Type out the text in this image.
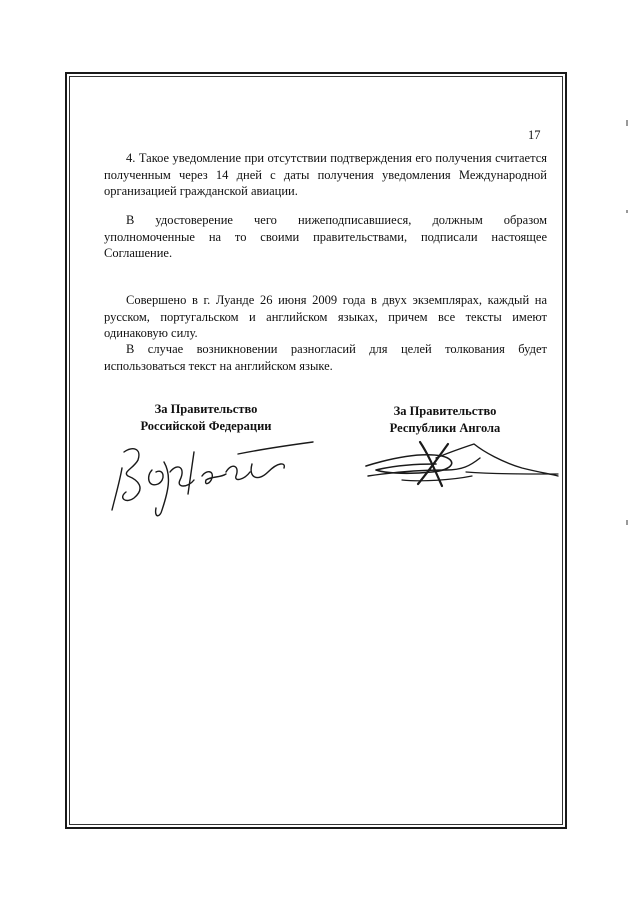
17

4. Такое уведомление при отсутствии подтверждения его получения считается полученным через 14 дней с даты получения уведомления Международной организацией гражданской авиации.

В удостоверение чего нижеподписавшиеся, должным образом уполномоченные на то своими правительствами, подписали настоящее Соглашение.

Совершено в г. Луанде 26 июня 2009 года в двух экземплярах, каждый на русском, португальском и английском языках, причем все тексты имеют одинаковую силу.

В случае возникновении разногласий для целей толкования будет использоваться текст на английском языке.

За Правительство
Российской Федерации
За Правительство
Республики Ангола
